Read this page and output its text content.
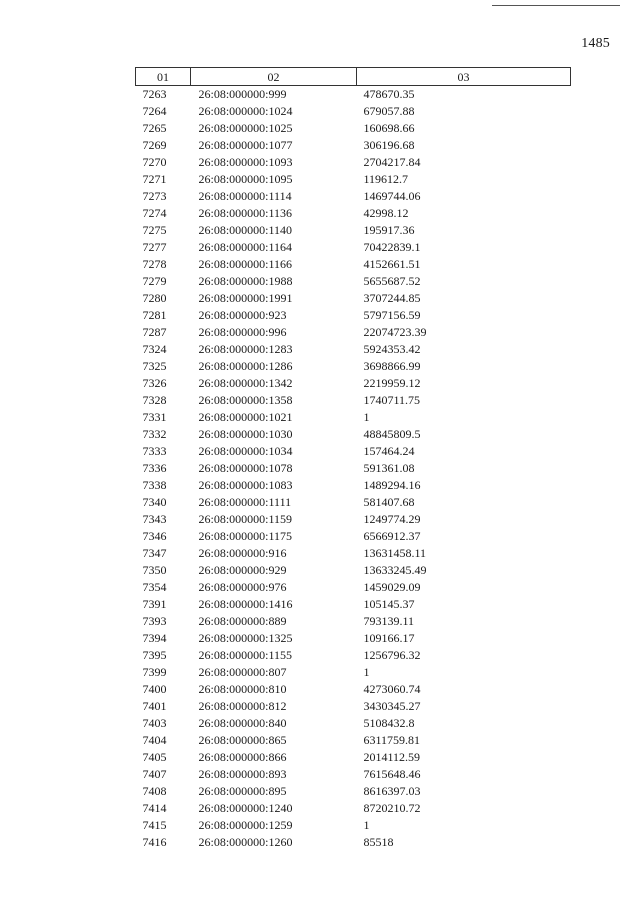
1485
01	02	03
7263	26:08:000000:999	478670.35
7264	26:08:000000:1024	679057.88
7265	26:08:000000:1025	160698.66
7269	26:08:000000:1077	306196.68
7270	26:08:000000:1093	2704217.84
7271	26:08:000000:1095	119612.7
7273	26:08:000000:1114	1469744.06
7274	26:08:000000:1136	42998.12
7275	26:08:000000:1140	195917.36
7277	26:08:000000:1164	70422839.1
7278	26:08:000000:1166	4152661.51
7279	26:08:000000:1988	5655687.52
7280	26:08:000000:1991	3707244.85
7281	26:08:000000:923	5797156.59
7287	26:08:000000:996	22074723.39
7324	26:08:000000:1283	5924353.42
7325	26:08:000000:1286	3698866.99
7326	26:08:000000:1342	2219959.12
7328	26:08:000000:1358	1740711.75
7331	26:08:000000:1021	1
7332	26:08:000000:1030	48845809.5
7333	26:08:000000:1034	157464.24
7336	26:08:000000:1078	591361.08
7338	26:08:000000:1083	1489294.16
7340	26:08:000000:1111	581407.68
7343	26:08:000000:1159	1249774.29
7346	26:08:000000:1175	6566912.37
7347	26:08:000000:916	13631458.11
7350	26:08:000000:929	13633245.49
7354	26:08:000000:976	1459029.09
7391	26:08:000000:1416	105145.37
7393	26:08:000000:889	793139.11
7394	26:08:000000:1325	109166.17
7395	26:08:000000:1155	1256796.32
7399	26:08:000000:807	1
7400	26:08:000000:810	4273060.74
7401	26:08:000000:812	3430345.27
7403	26:08:000000:840	5108432.8
7404	26:08:000000:865	6311759.81
7405	26:08:000000:866	2014112.59
7407	26:08:000000:893	7615648.46
7408	26:08:000000:895	8616397.03
7414	26:08:000000:1240	8720210.72
7415	26:08:000000:1259	1
7416	26:08:000000:1260	85518
